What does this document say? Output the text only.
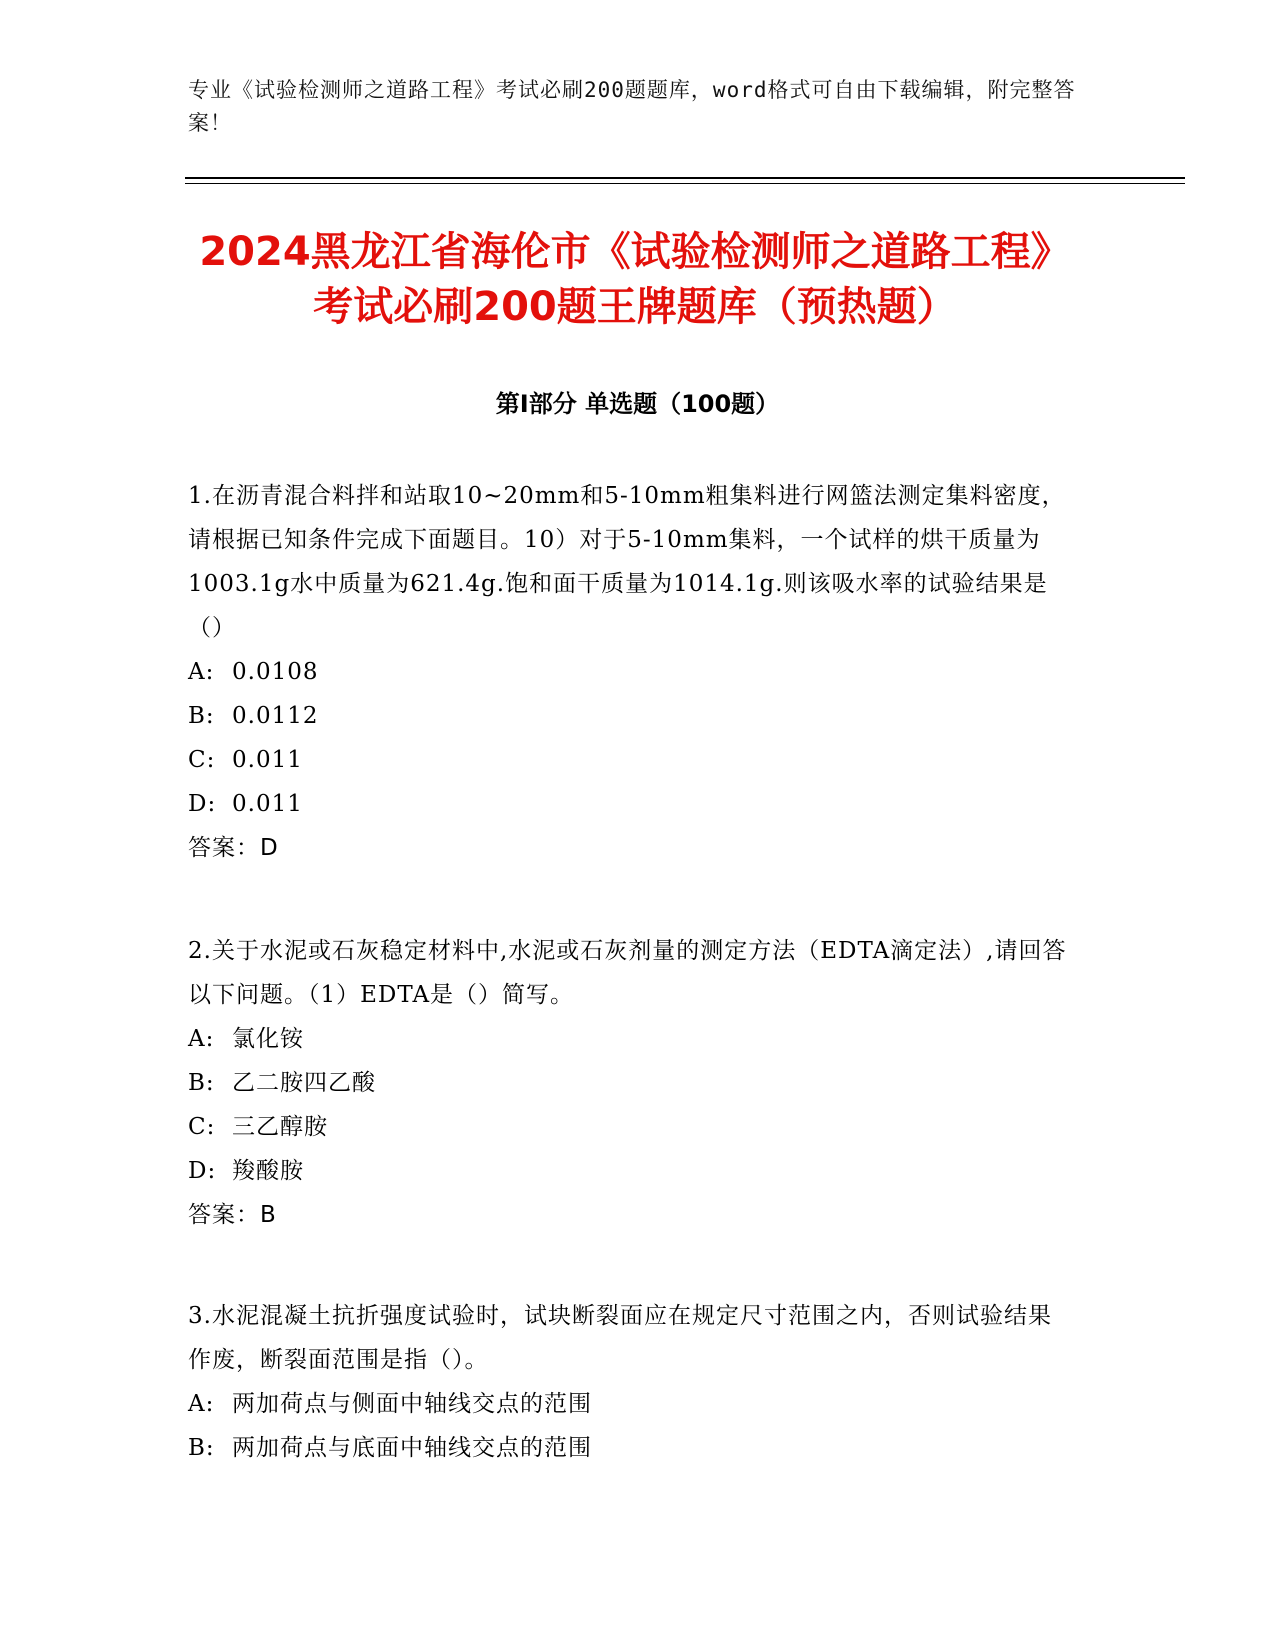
专业《试验检测师之道路工程》考试必刷200题题库，word格式可自由下载编辑，附完整答案！
2024黑龙江省海伦市《试验检测师之道路工程》考试必刷200题王牌题库（预热题）
第Ⅰ部分 单选题（100题）

1.在沥青混合料拌和站取10~20mm和5-10mm粗集料进行网篮法测定集料密度，请根据已知条件完成下面题目。10）对于5-10mm集料，一个试样的烘干质量为1003.1g水中质量为621.4g.饱和面干质量为1014.1g.则该吸水率的试验结果是（）

A: 0.0108

B: 0.0112

C: 0.011

D: 0.011

答案：D

2.关于水泥或石灰稳定材料中,水泥或石灰剂量的测定方法（EDTA滴定法）,请回答以下问题。（1）EDTA是（）简写。

A: 氯化铵

B: 乙二胺四乙酸

C: 三乙醇胺

D: 羧酸胺

答案：B

3.水泥混凝土抗折强度试验时，试块断裂面应在规定尺寸范围之内，否则试验结果作废，断裂面范围是指（）。

A: 两加荷点与侧面中轴线交点的范围

B: 两加荷点与底面中轴线交点的范围
